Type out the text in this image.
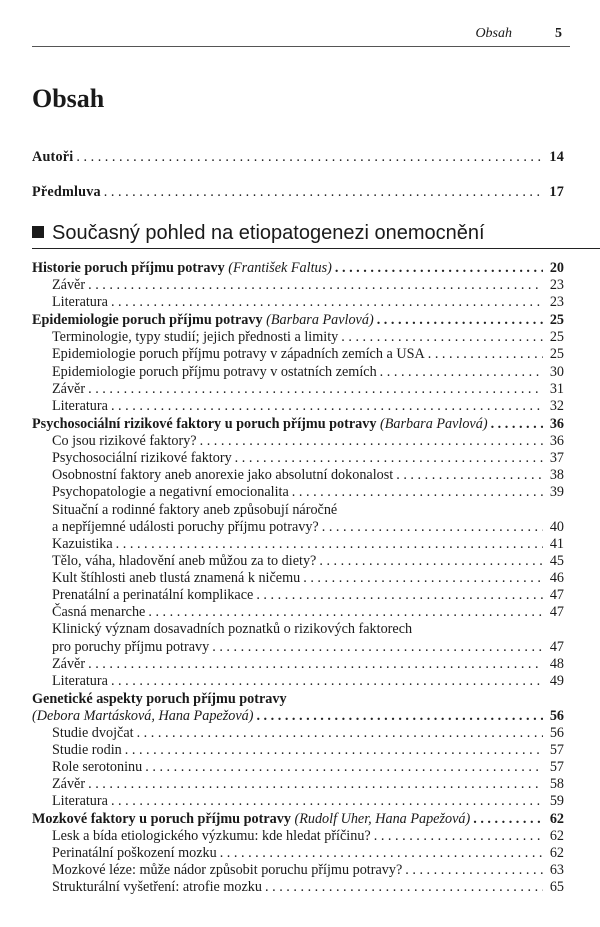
Obsah	5
Obsah
Autoři . . .	14
Předmluva . . .	17
Současný pohled na etiopatogenezi onemocnění
Historie poruch příjmu potravy (František Faltus) . . .	20
Závěr . . .	23
Literatura . . .	23
Epidemiologie poruch příjmu potravy (Barbara Pavlová) . . .	25
Terminologie, typy studií; jejich přednosti a limity . . .	25
Epidemiologie poruch příjmu potravy v západních zemích a USA . . .	25
Epidemiologie poruch příjmu potravy v ostatních zemích . . .	30
Závěr . . .	31
Literatura . . .	32
Psychosociální rizikové faktory u poruch příjmu potravy (Barbara Pavlová) . . .	36
Co jsou rizikové faktory? . . .	36
Psychosociální rizikové faktory . . .	37
Osobnostní faktory aneb anorexie jako absolutní dokonalost . . .	38
Psychopatologie a negativní emocionalita . . .	39
Situační a rodinné faktory aneb způsobují náročné
a nepříjemné události poruchy příjmu potravy? . . .	40
Kazuistika . . .	41
Tělo, váha, hladovění aneb můžou za to diety? . . .	45
Kult štíhlosti aneb tlustá znamená k ničemu . . .	46
Prenatální a perinatální komplikace . . .	47
Časná menarche . . .	47
Klinický význam dosavadních poznatků o rizikových faktorech
pro poruchy příjmu potravy . . .	47
Závěr . . .	48
Literatura . . .	49
Genetické aspekty poruch příjmu potravy
(Debora Martásková, Hana Papežová) . . .	56
Studie dvojčat . . .	56
Studie rodin . . .	57
Role serotoninu . . .	57
Závěr . . .	58
Literatura . . .	59
Mozkové faktory u poruch příjmu potravy (Rudolf Uher, Hana Papežová) . . .	62
Lesk a bída etiologického výzkumu: kde hledat příčinu? . . .	62
Perinatální poškození mozku . . .	62
Mozkové léze: může nádor způsobit poruchu příjmu potravy? . . .	63
Strukturální vyšetření: atrofie mozku . . .	65
